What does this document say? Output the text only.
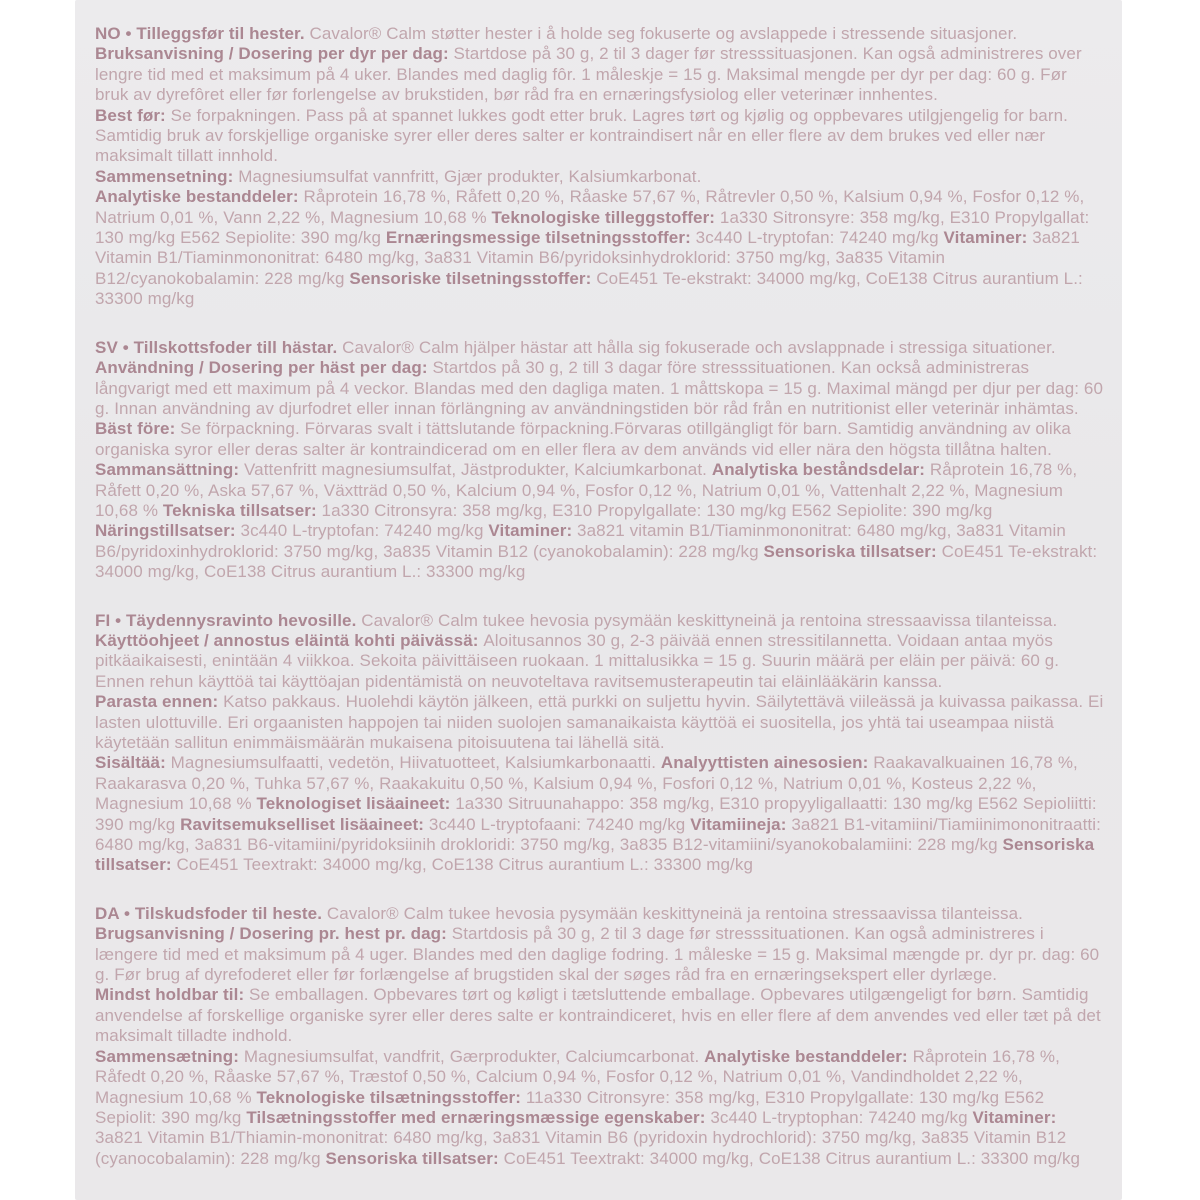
NO • Tilleggsfør til hester. Cavalor® Calm støtter hester i å holde seg fokuserte og avslappede i stressende situasjoner.

Bruksanvisning / Dosering per dyr per dag: Startdose på 30 g, 2 til 3 dager før stresssituasjonen. Kan også administreres over lengre tid med et maksimum på 4 uker. Blandes med daglig fôr. 1 måleskje = 15 g. Maksimal mengde per dyr per dag: 60 g. Før bruk av dyrefôret eller før forlengelse av brukstiden, bør råd fra en ernæringsfysiolog eller veterinær innhentes.

Best før: Se forpakningen. Pass på at spannet lukkes godt etter bruk. Lagres tørt og kjølig og oppbevares utilgjengelig for barn. Samtidig bruk av forskjellige organiske syrer eller deres salter er kontraindisert når en eller flere av dem brukes ved eller nær maksimalt tillatt innhold.

Sammensetning: Magnesiumsulfat vannfritt, Gjær produkter, Kalsiumkarbonat.

Analytiske bestanddeler: Råprotein 16,78 %, Råfett 0,20 %, Råaske 57,67 %, Råtrevler 0,50 %, Kalsium 0,94 %, Fosfor 0,12 %, Natrium 0,01 %, Vann 2,22 %, Magnesium 10,68 % Teknologiske tilleggstoffer: 1a330 Sitronsyre: 358 mg/kg, E310 Propylgallat: 130 mg/kg E562 Sepiolite: 390 mg/kg Ernæringsmessige tilsetningsstoffer: 3c440 L-tryptofan: 74240 mg/kg Vitaminer: 3a821 Vitamin B1/Tiaminmononitrat: 6480 mg/kg, 3a831 Vitamin B6/pyridoksinhydroklorid: 3750 mg/kg, 3a835 Vitamin B12/cyanokobalamin: 228 mg/kg Sensoriske tilsetningsstoffer: CoE451 Te-ekstrakt: 34000 mg/kg, CoE138 Citrus aurantium L.: 33300 mg/kg

SV • Tillskottsfoder till hästar. Cavalor® Calm hjälper hästar att hålla sig fokuserade och avslappnade i stressiga situationer.

Användning / Dosering per häst per dag: Startdos på 30 g, 2 till 3 dagar före stresssituationen. Kan också administreras långvarigt med ett maximum på 4 veckor. Blandas med den dagliga maten. 1 måttskopa = 15 g. Maximal mängd per djur per dag: 60 g. Innan användning av djurfodret eller innan förlängning av användningstiden bör råd från en nutritionist eller veterinär inhämtas.

Bäst före: Se förpackning. Förvaras svalt i tättslutande förpackning.Förvaras otillgängligt för barn. Samtidig användning av olika organiska syror eller deras salter är kontraindicerad om en eller flera av dem används vid eller nära den högsta tillåtna halten.

Sammansättning: Vattenfritt magnesiumsulfat, Jästprodukter, Kalciumkarbonat. Analytiska beståndsdelar: Råprotein 16,78 %, Råfett 0,20 %, Aska 57,67 %, Växtträd 0,50 %, Kalcium 0,94 %, Fosfor 0,12 %, Natrium 0,01 %, Vattenhalt 2,22 %, Magnesium 10,68 % Tekniska tillsatser: 1a330 Citronsyra: 358 mg/kg, E310 Propylgallate: 130 mg/kg E562 Sepiolite: 390 mg/kg Näringstillsatser: 3c440 L-tryptofan: 74240 mg/kg Vitaminer: 3a821 vitamin B1/Tiaminmononitrat: 6480 mg/kg, 3a831 Vitamin B6/pyridoxinhydroklorid: 3750 mg/kg, 3a835 Vitamin B12 (cyanokobalamin): 228 mg/kg Sensoriska tillsatser: CoE451 Te-ekstrakt: 34000 mg/kg, CoE138 Citrus aurantium L.: 33300 mg/kg

FI • Täydennysravinto hevosille. Cavalor® Calm tukee hevosia pysymään keskittyneinä ja rentoina stressaavissa tilanteissa.

Käyttöohjeet / annostus eläintä kohti päivässä: Aloitusannos 30 g, 2-3 päivää ennen stressitilannetta. Voidaan antaa myös pitkäaikaisesti, enintään 4 viikkoa. Sekoita päivittäiseen ruokaan. 1 mittalusikka = 15 g. Suurin määrä per eläin per päivä: 60 g. Ennen rehun käyttöä tai käyttöajan pidentämistä on neuvoteltava ravitsemusterapeutin tai eläinlääkärin kanssa.

Parasta ennen: Katso pakkaus. Huolehdi käytön jälkeen, että purkki on suljettu hyvin. Säilytettävä viileässä ja kuivassa paikassa. Ei lasten ulottuville. Eri orgaanisten happojen tai niiden suolojen samanaikaista käyttöä ei suositella, jos yhtä tai useampaa niistä käytetään sallitun enimmäismäärän mukaisena pitoisuutena tai lähellä sitä.

Sisältää: Magnesiumsulfaatti, vedetön, Hiivatuotteet, Kalsiumkarbonaatti. Analyyttisten ainesosien: Raakavalkuainen 16,78 %, Raakarasva 0,20 %, Tuhka 57,67 %, Raakakuitu 0,50 %, Kalsium 0,94 %, Fosfori 0,12 %, Natrium 0,01 %, Kosteus 2,22 %, Magnesium 10,68 % Teknologiset lisäaineet: 1a330 Sitruunahappo: 358 mg/kg, E310 propyyligallaatti: 130 mg/kg E562 Sepioliitti: 390 mg/kg Ravitsemukselliset lisäaineet: 3c440 L-tryptofaani: 74240 mg/kg Vitamiineja: 3a821 B1-vitamiini/Tiamiinimononitraatti: 6480 mg/kg, 3a831 B6-vitamiini/pyridoksiinih drokloridi: 3750 mg/kg, 3a835 B12-vitamiini/syanokobalamiini: 228 mg/kg Sensoriska tillsatser: CoE451 Teextrakt: 34000 mg/kg, CoE138 Citrus aurantium L.: 33300 mg/kg

DA • Tilskudsfoder til heste. Cavalor® Calm tukee hevosia pysymään keskittyneinä ja rentoina stressaavissa tilanteissa.

Brugsanvisning / Dosering pr. hest pr. dag: Startdosis på 30 g, 2 til 3 dage før stresssituationen. Kan også administreres i længere tid med et maksimum på 4 uger. Blandes med den daglige fodring. 1 måleske = 15 g. Maksimal mængde pr. dyr pr. dag: 60 g. Før brug af dyrefoderet eller før forlængelse af brugstiden skal der søges råd fra en ernæringsekspert eller dyrlæge.

Mindst holdbar til: Se emballagen. Opbevares tørt og køligt i tætsluttende emballage. Opbevares utilgængeligt for børn. Samtidig anvendelse af forskellige organiske syrer eller deres salte er kontraindiceret, hvis en eller flere af dem anvendes ved eller tæt på det maksimalt tilladte indhold.

Sammensætning: Magnesiumsulfat, vandfrit, Gærprodukter, Calciumcarbonat. Analytiske bestanddeler: Råprotein 16,78 %, Råfedt 0,20 %, Råaske 57,67 %, Træstof 0,50 %, Calcium 0,94 %, Fosfor 0,12 %, Natrium 0,01 %, Vandindholdet 2,22 %, Magnesium 10,68 % Teknologiske tilsætningsstoffer: 11a330 Citronsyre: 358 mg/kg, E310 Propylgallate: 130 mg/kg E562 Sepiolit: 390 mg/kg Tilsætningsstoffer med ernæringsmæssige egenskaber: 3c440 L-tryptophan: 74240 mg/kg Vitaminer: 3a821 Vitamin B1/Thiamin-mononitrat: 6480 mg/kg, 3a831 Vitamin B6 (pyridoxin hydrochlorid): 3750 mg/kg, 3a835 Vitamin B12 (cyanocobalamin): 228 mg/kg Sensoriska tillsatser: CoE451 Teextrakt: 34000 mg/kg, CoE138 Citrus aurantium L.: 33300 mg/kg
